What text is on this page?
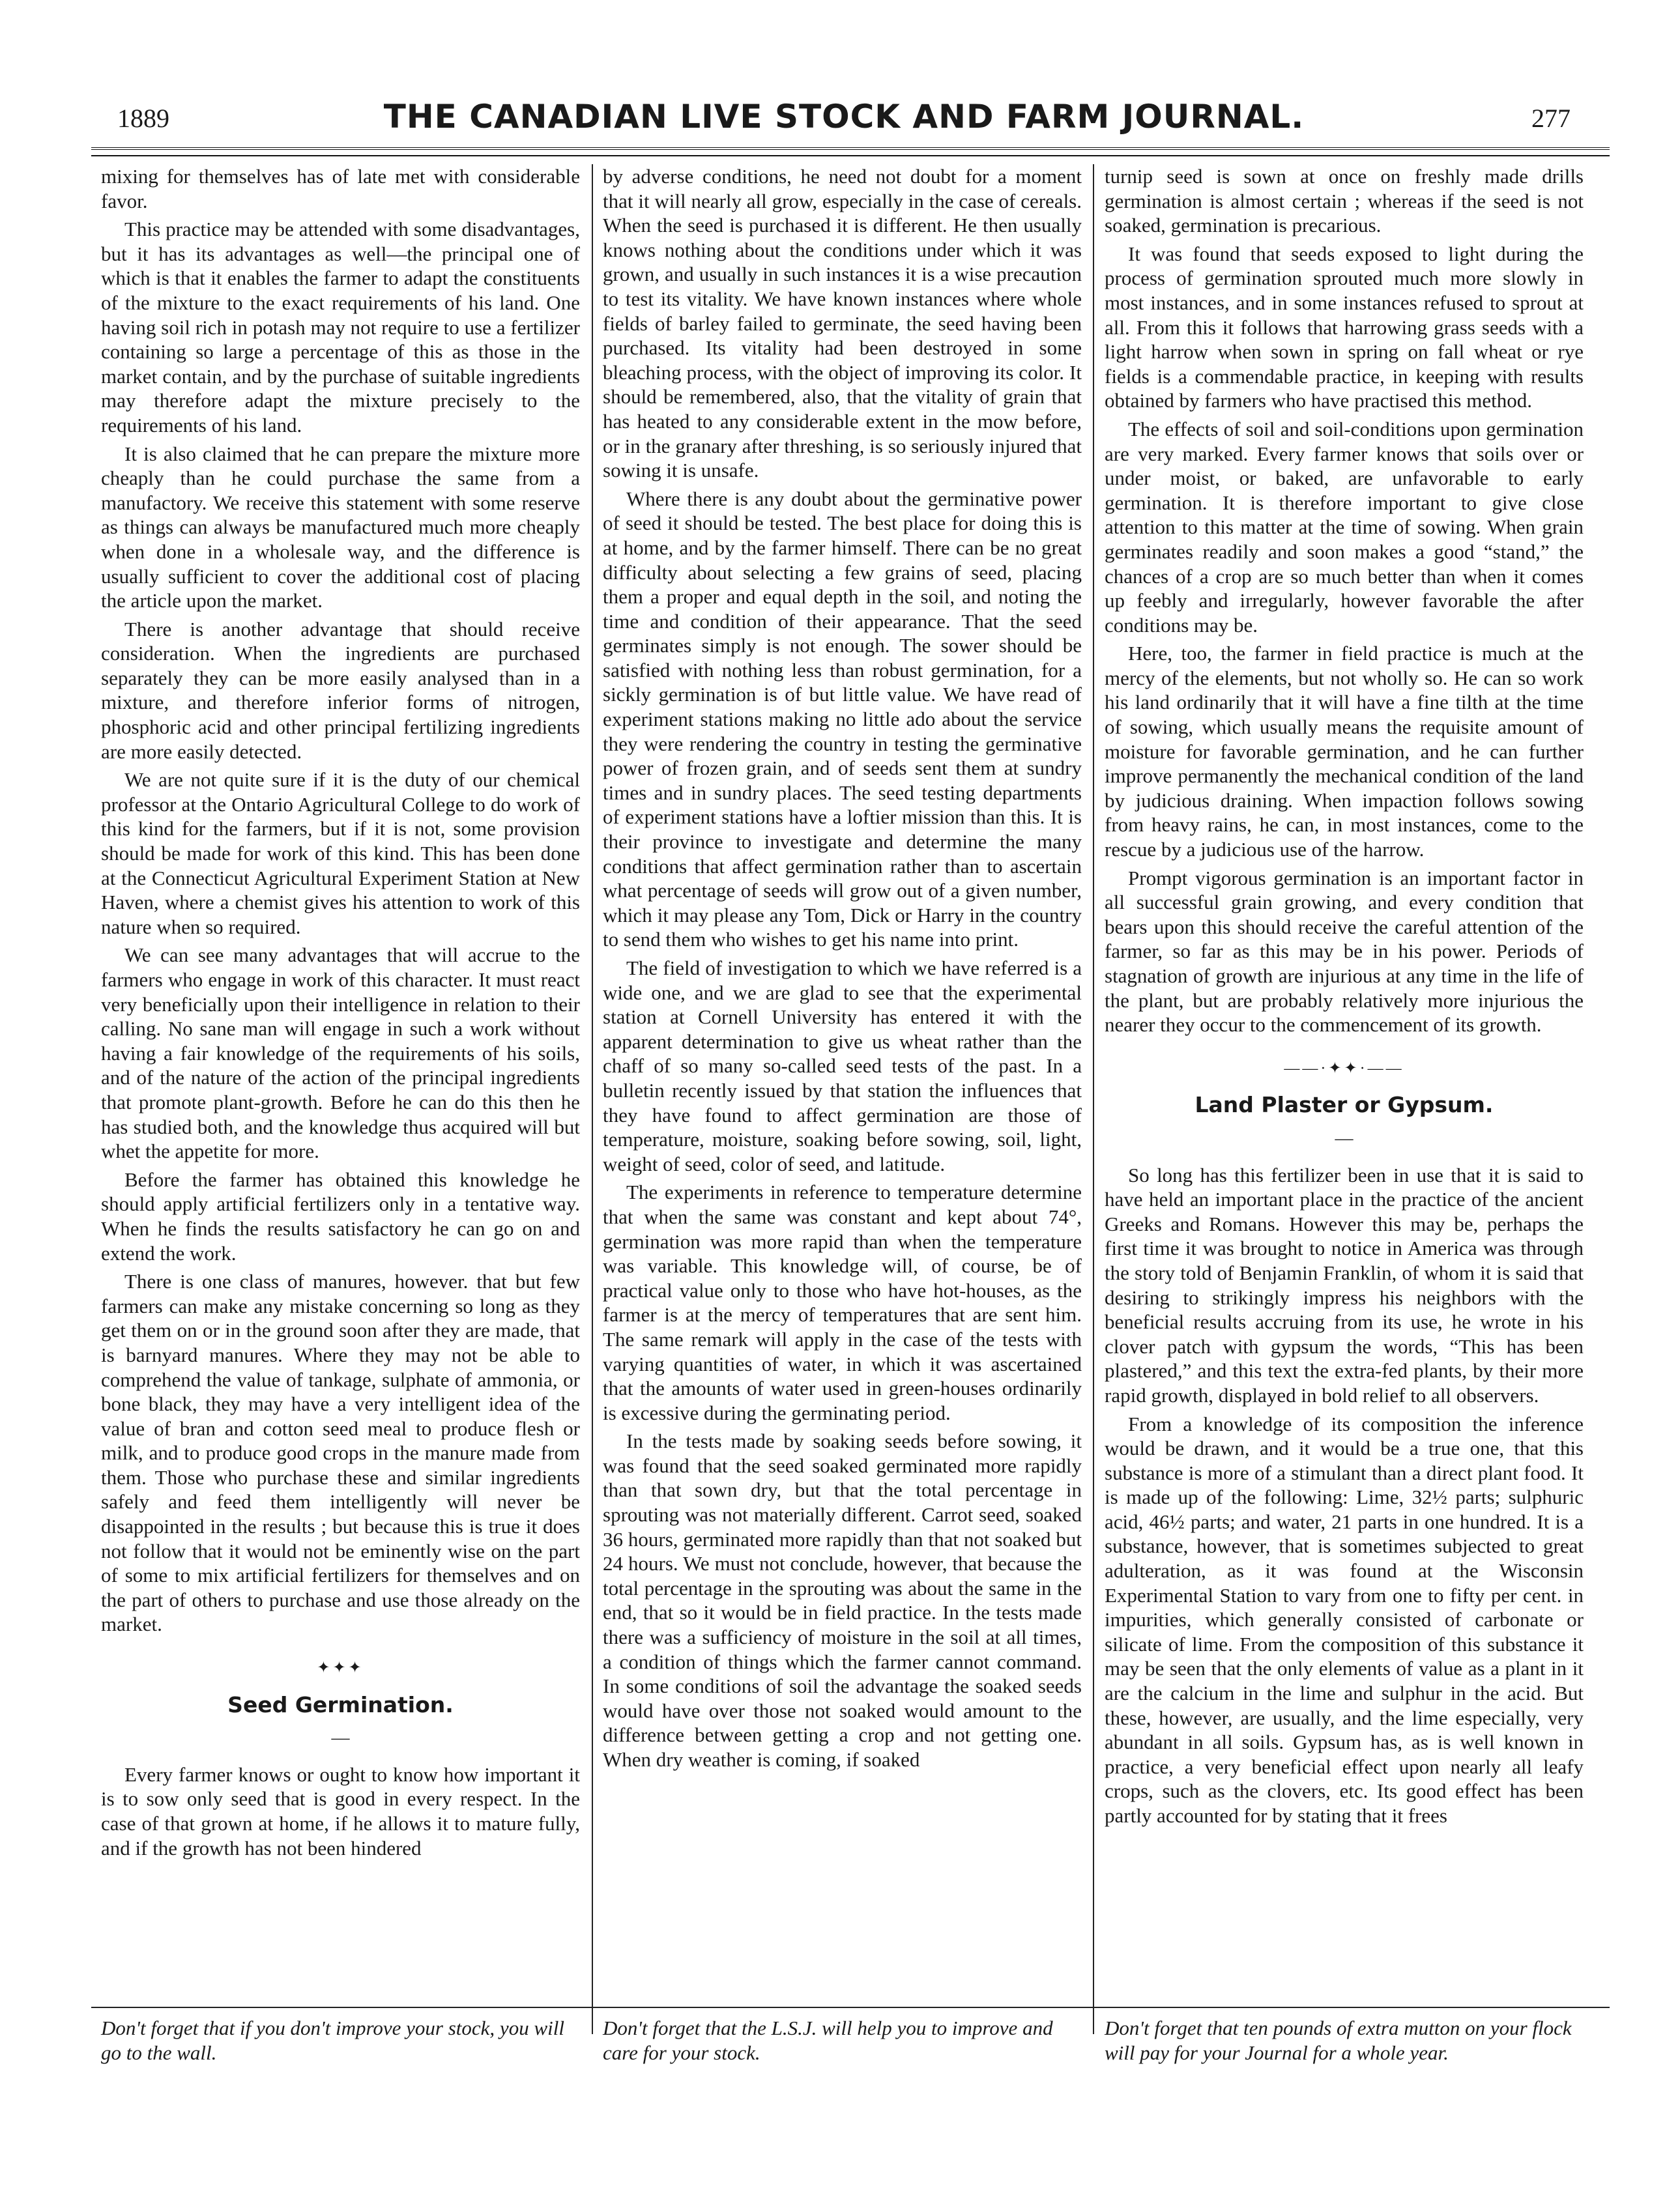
1889	THE CANADIAN LIVE STOCK AND FARM JOURNAL.	277

mixing for themselves has of late met with considerable favor.

This practice may be attended with some disadvantages, but it has its advantages as well—the principal one of which is that it enables the farmer to adapt the constituents of the mixture to the exact requirements of his land. One having soil rich in potash may not require to use a fertilizer containing so large a percentage of this as those in the market contain, and by the purchase of suitable ingredients may therefore adapt the mixture precisely to the requirements of his land.

It is also claimed that he can prepare the mixture more cheaply than he could purchase the same from a manufactory. We receive this statement with some reserve as things can always be manufactured much more cheaply when done in a wholesale way, and the difference is usually sufficient to cover the additional cost of placing the article upon the market.

There is another advantage that should receive consideration. When the ingredients are purchased separately they can be more easily analysed than in a mixture, and therefore inferior forms of nitrogen, phosphoric acid and other principal fertilizing ingredients are more easily detected.

We are not quite sure if it is the duty of our chemical professor at the Ontario Agricultural College to do work of this kind for the farmers, but if it is not, some provision should be made for work of this kind. This has been done at the Connecticut Agricultural Experiment Station at New Haven, where a chemist gives his attention to work of this nature when so required.

We can see many advantages that will accrue to the farmers who engage in work of this character. It must react very beneficially upon their intelligence in relation to their calling. No sane man will engage in such a work without having a fair knowledge of the requirements of his soils, and of the nature of the action of the principal ingredients that promote plant-growth. Before he can do this then he has studied both, and the knowledge thus acquired will but whet the appetite for more.

Before the farmer has obtained this knowledge he should apply artificial fertilizers only in a tentative way. When he finds the results satisfactory he can go on and extend the work.

There is one class of manures, however. that but few farmers can make any mistake concerning so long as they get them on or in the ground soon after they are made, that is barnyard manures. Where they may not be able to comprehend the value of tankage, sulphate of ammonia, or bone black, they may have a very intelligent idea of the value of bran and cotton seed meal to produce flesh or milk, and to produce good crops in the manure made from them. Those who purchase these and similar ingredients safely and feed them intelligently will never be disappointed in the results ; but because this is true it does not follow that it would not be eminently wise on the part of some to mix artificial fertilizers for themselves and on the part of others to purchase and use those already on the market.

✦✦✦
Seed Germination.
—

Every farmer knows or ought to know how important it is to sow only seed that is good in every respect. In the case of that grown at home, if he allows it to mature fully, and if the growth has not been hindered

by adverse conditions, he need not doubt for a moment that it will nearly all grow, especially in the case of cereals. When the seed is purchased it is different. He then usually knows nothing about the conditions under which it was grown, and usually in such instances it is a wise precaution to test its vitality. We have known instances where whole fields of barley failed to germinate, the seed having been purchased. Its vitality had been destroyed in some bleaching process, with the object of improving its color. It should be remembered, also, that the vitality of grain that has heated to any considerable extent in the mow before, or in the granary after threshing, is so seriously injured that sowing it is unsafe.

Where there is any doubt about the germinative power of seed it should be tested. The best place for doing this is at home, and by the farmer himself. There can be no great difficulty about selecting a few grains of seed, placing them a proper and equal depth in the soil, and noting the time and condition of their appearance. That the seed germinates simply is not enough. The sower should be satisfied with nothing less than robust germination, for a sickly germination is of but little value. We have read of experiment stations making no little ado about the service they were rendering the country in testing the germinative power of frozen grain, and of seeds sent them at sundry times and in sundry places. The seed testing departments of experiment stations have a loftier mission than this. It is their province to investigate and determine the many conditions that affect germination rather than to ascertain what percentage of seeds will grow out of a given number, which it may please any Tom, Dick or Harry in the country to send them who wishes to get his name into print.

The field of investigation to which we have referred is a wide one, and we are glad to see that the experimental station at Cornell University has entered it with the apparent determination to give us wheat rather than the chaff of so many so-called seed tests of the past. In a bulletin recently issued by that station the influences that they have found to affect germination are those of temperature, moisture, soaking before sowing, soil, light, weight of seed, color of seed, and latitude.

The experiments in reference to temperature determine that when the same was constant and kept about 74°, germination was more rapid than when the temperature was variable. This knowledge will, of course, be of practical value only to those who have hot-houses, as the farmer is at the mercy of temperatures that are sent him. The same remark will apply in the case of the tests with varying quantities of water, in which it was ascertained that the amounts of water used in green-houses ordinarily is excessive during the germinating period.

In the tests made by soaking seeds before sowing, it was found that the seed soaked germinated more rapidly than that sown dry, but that the total percentage in sprouting was not materially different. Carrot seed, soaked 36 hours, germinated more rapidly than that not soaked but 24 hours. We must not conclude, however, that because the total percentage in the sprouting was about the same in the end, that so it would be in field practice. In the tests made there was a sufficiency of moisture in the soil at all times, a condition of things which the farmer cannot command. In some conditions of soil the advantage the soaked seeds would have over those not soaked would amount to the difference between getting a crop and not getting one. When dry weather is coming, if soaked

turnip seed is sown at once on freshly made drills germination is almost certain ; whereas if the seed is not soaked, germination is precarious.

It was found that seeds exposed to light during the process of germination sprouted much more slowly in most instances, and in some instances refused to sprout at all. From this it follows that harrowing grass seeds with a light harrow when sown in spring on fall wheat or rye fields is a commendable practice, in keeping with results obtained by farmers who have practised this method.

The effects of soil and soil-conditions upon germination are very marked. Every farmer knows that soils over or under moist, or baked, are unfavorable to early germination. It is therefore important to give close attention to this matter at the time of sowing. When grain germinates readily and soon makes a good “stand,” the chances of a crop are so much better than when it comes up feebly and irregularly, however favorable the after conditions may be.

Here, too, the farmer in field practice is much at the mercy of the elements, but not wholly so. He can so work his land ordinarily that it will have a fine tilth at the time of sowing, which usually means the requisite amount of moisture for favorable germination, and he can further improve permanently the mechanical condition of the land by judicious draining. When impaction follows sowing from heavy rains, he can, in most instances, come to the rescue by a judicious use of the harrow.

Prompt vigorous germination is an important factor in all successful grain growing, and every condition that bears upon this should receive the careful attention of the farmer, so far as this may be in his power. Periods of stagnation of growth are injurious at any time in the life of the plant, but are probably relatively more injurious the nearer they occur to the commencement of its growth.

——·✦✦·——
Land Plaster or Gypsum.
—

So long has this fertilizer been in use that it is said to have held an important place in the practice of the ancient Greeks and Romans. However this may be, perhaps the first time it was brought to notice in America was through the story told of Benjamin Franklin, of whom it is said that desiring to strikingly impress his neighbors with the beneficial results accruing from its use, he wrote in his clover patch with gypsum the words, “This has been plastered,” and this text the extra-fed plants, by their more rapid growth, displayed in bold relief to all observers.

From a knowledge of its composition the inference would be drawn, and it would be a true one, that this substance is more of a stimulant than a direct plant food. It is made up of the following: Lime, 32½ parts; sulphuric acid, 46½ parts; and water, 21 parts in one hundred. It is a substance, however, that is sometimes subjected to great adulteration, as it was found at the Wisconsin Experimental Station to vary from one to fifty per cent. in impurities, which generally consisted of carbonate or silicate of lime. From the composition of this substance it may be seen that the only elements of value as a plant in it are the calcium in the lime and sulphur in the acid. But these, however, are usually, and the lime especially, very abundant in all soils. Gypsum has, as is well known in practice, a very beneficial effect upon nearly all leafy crops, such as the clovers, etc. Its good effect has been partly accounted for by stating that it frees

Don't forget that if you don't improve your stock, you will go to the wall.
Don't forget that the L.S.J. will help you to improve and care for your stock.
Don't forget that ten pounds of extra mutton on your flock will pay for your Journal for a whole year.
